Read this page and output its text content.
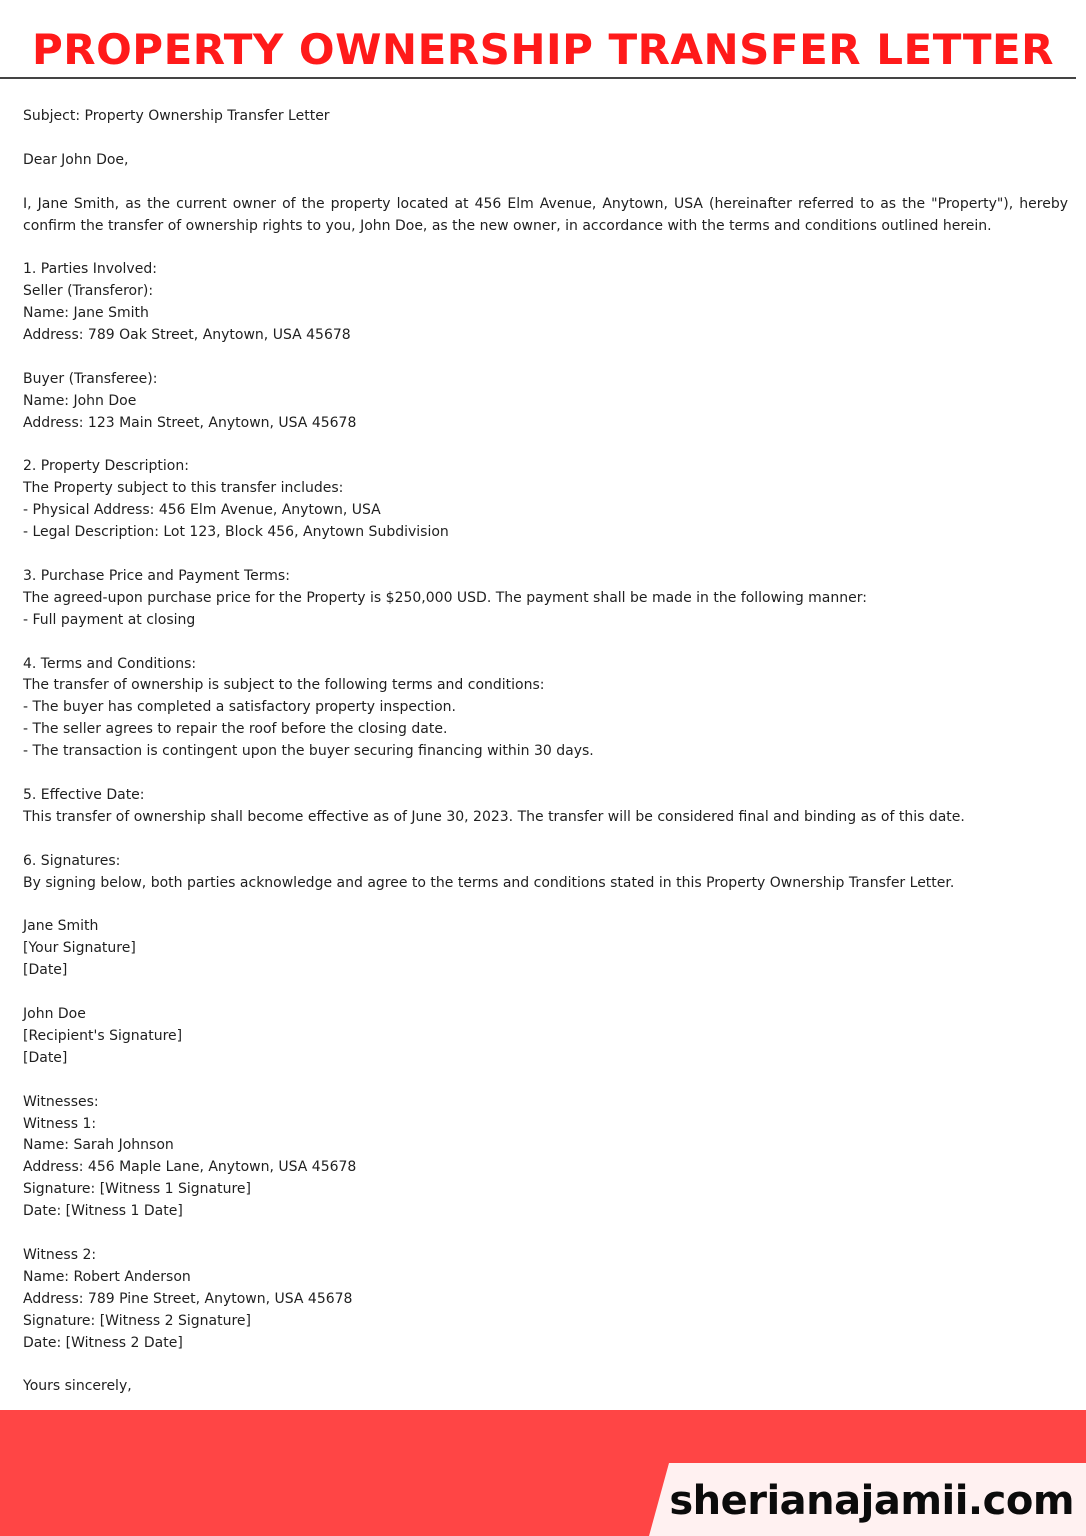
PROPERTY OWNERSHIP TRANSFER LETTER
Subject: Property Ownership Transfer Letter
Dear John Doe,
I, Jane Smith, as the current owner of the property located at 456 Elm Avenue, Anytown, USA (hereinafter referred to as the "Property"), hereby confirm the transfer of ownership rights to you, John Doe, as the new owner, in accordance with the terms and conditions outlined herein.
1. Parties Involved:
Seller (Transferor):
Name: Jane Smith
Address: 789 Oak Street, Anytown, USA 45678
Buyer (Transferee):
Name: John Doe
Address: 123 Main Street, Anytown, USA 45678
2. Property Description:
The Property subject to this transfer includes:
- Physical Address: 456 Elm Avenue, Anytown, USA
- Legal Description: Lot 123, Block 456, Anytown Subdivision
3. Purchase Price and Payment Terms:
The agreed-upon purchase price for the Property is $250,000 USD. The payment shall be made in the following manner:
- Full payment at closing
4. Terms and Conditions:
The transfer of ownership is subject to the following terms and conditions:
- The buyer has completed a satisfactory property inspection.
- The seller agrees to repair the roof before the closing date.
- The transaction is contingent upon the buyer securing financing within 30 days.
5. Effective Date:
This transfer of ownership shall become effective as of June 30, 2023. The transfer will be considered final and binding as of this date.
6. Signatures:
By signing below, both parties acknowledge and agree to the terms and conditions stated in this Property Ownership Transfer Letter.
Jane Smith
[Your Signature]
[Date]
John Doe
[Recipient's Signature]
[Date]
Witnesses:
Witness 1:
Name: Sarah Johnson
Address: 456 Maple Lane, Anytown, USA 45678
Signature: [Witness 1 Signature]
Date: [Witness 1 Date]
Witness 2:
Name: Robert Anderson
Address: 789 Pine Street, Anytown, USA 45678
Signature: [Witness 2 Signature]
Date: [Witness 2 Date]
Yours sincerely,
sherianajamii.com
